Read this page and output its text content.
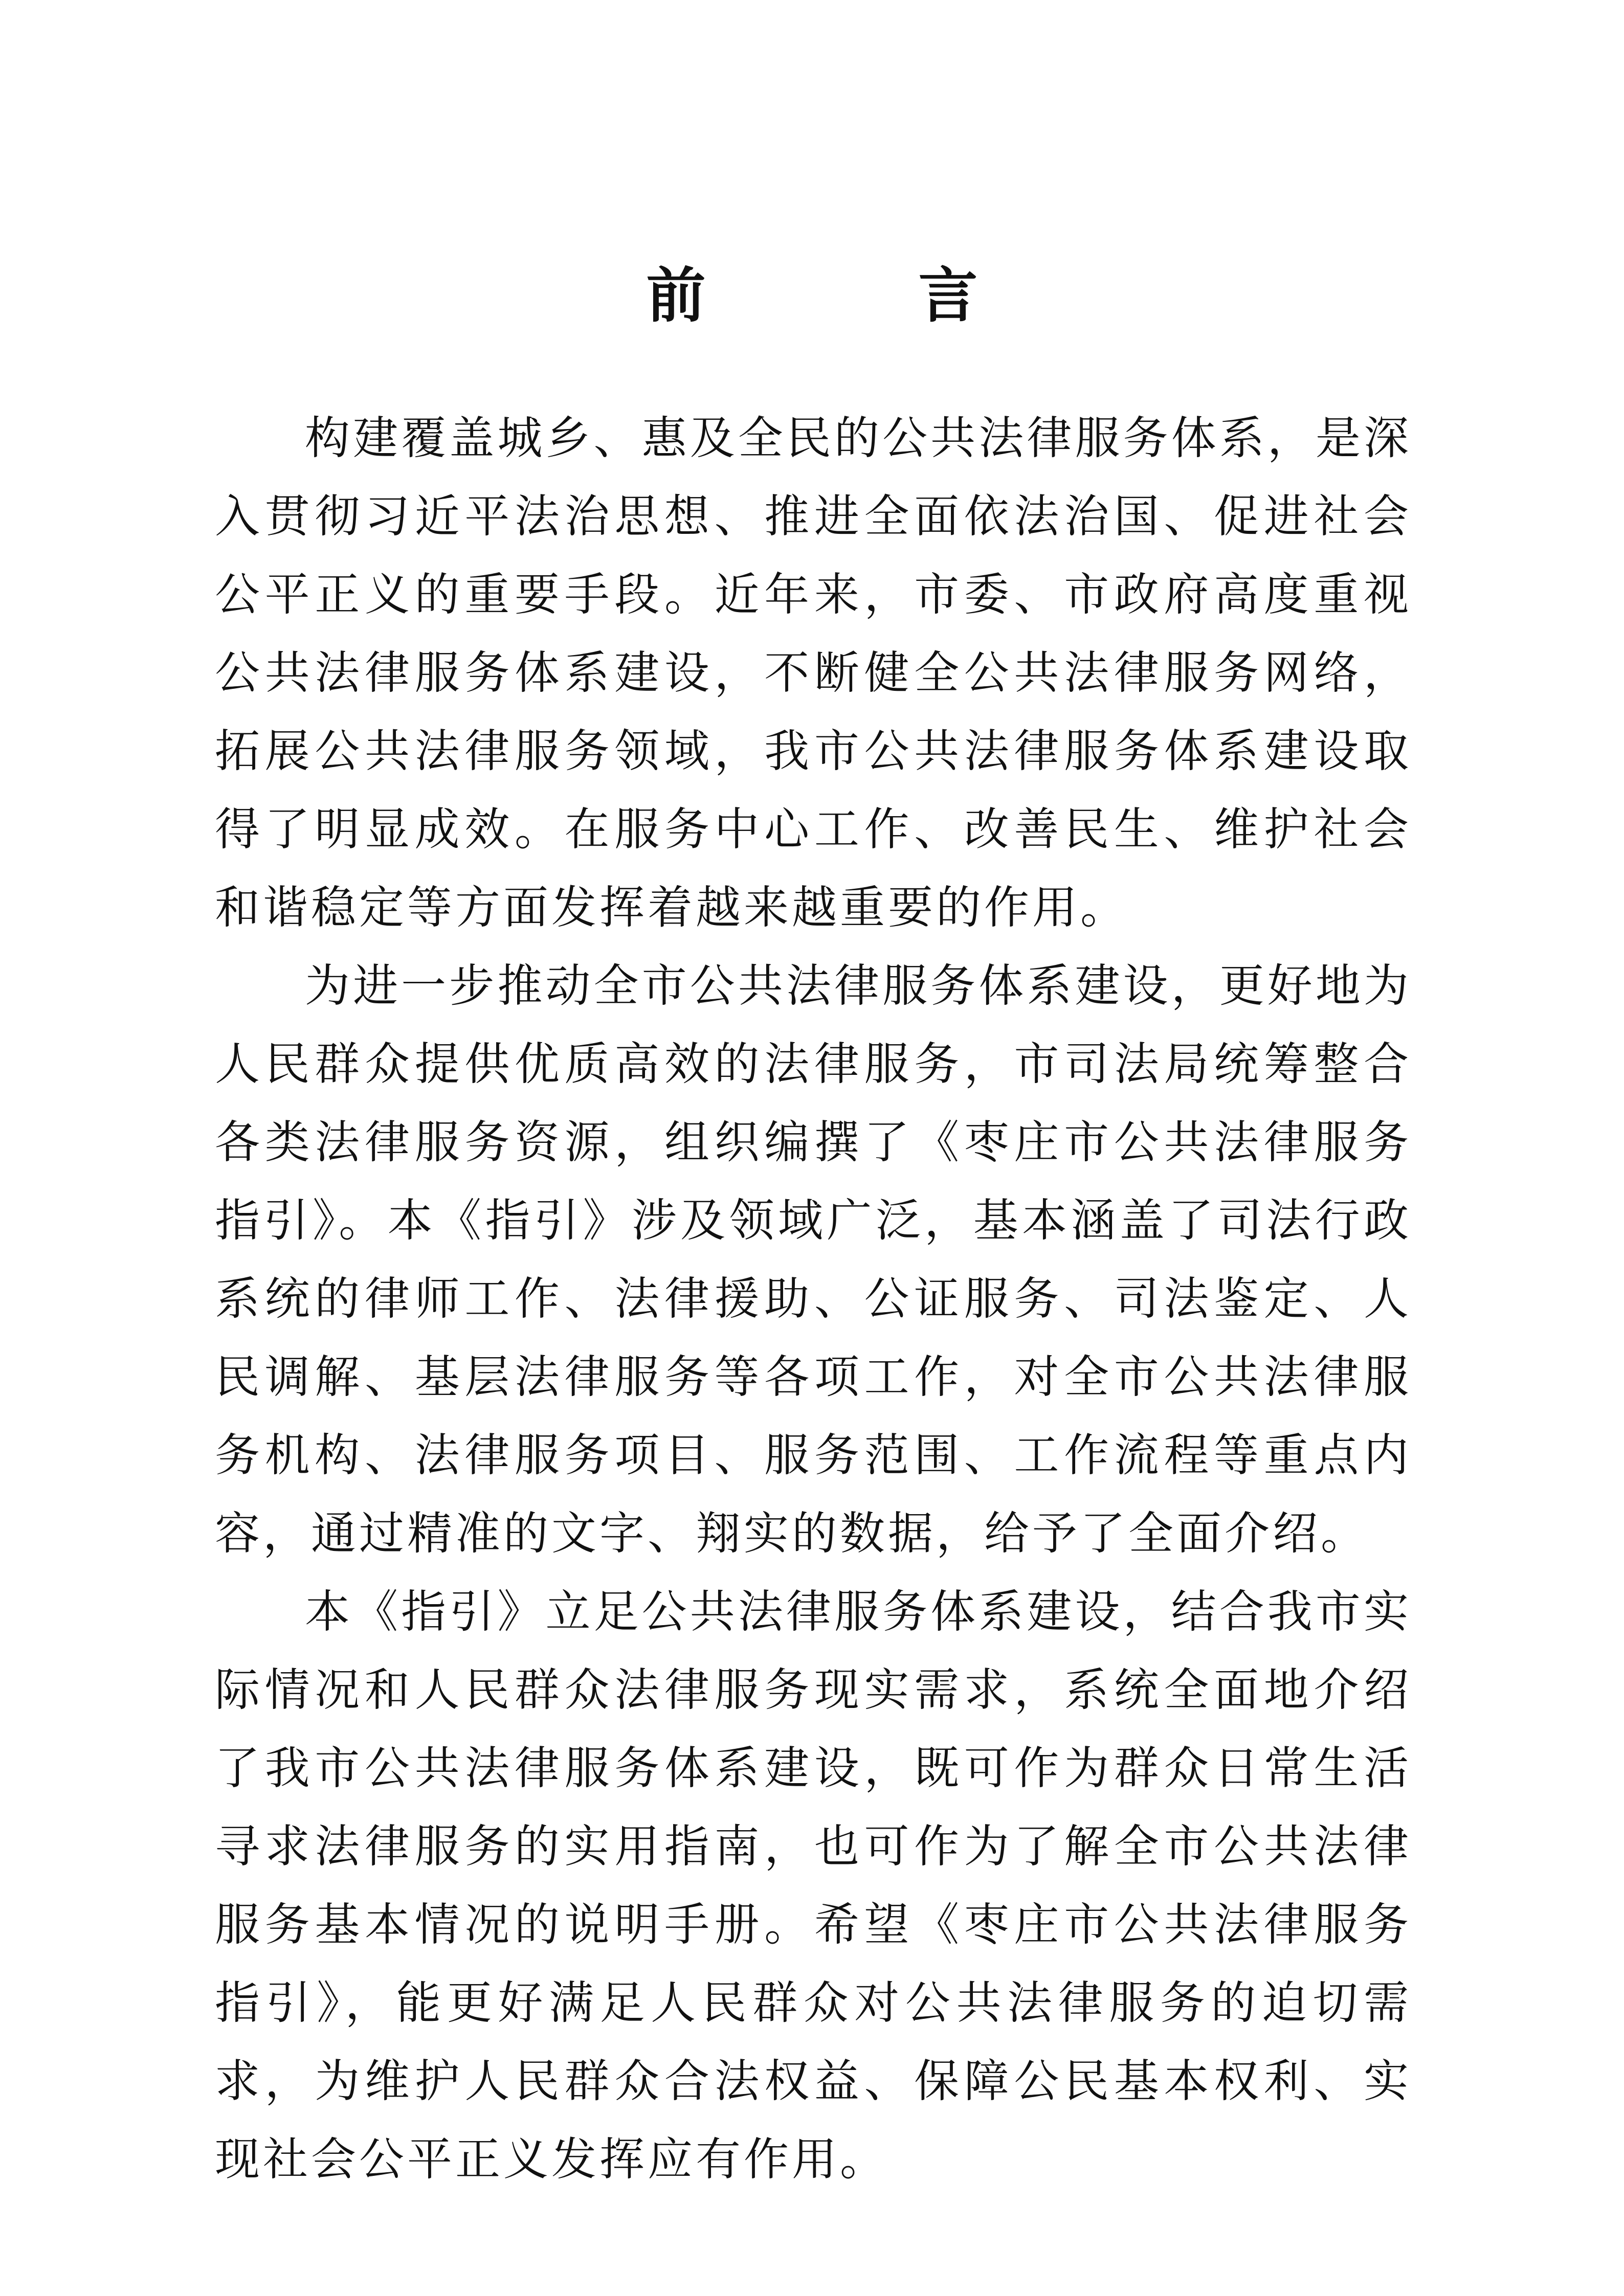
前　言

构建覆盖城乡、惠及全民的公共法律服务体系，是深入贯彻习近平法治思想、推进全面依法治国、促进社会公平正义的重要手段。近年来，市委、市政府高度重视公共法律服务体系建设，不断健全公共法律服务网络，拓展公共法律服务领域，我市公共法律服务体系建设取得了明显成效。在服务中心工作、改善民生、维护社会和谐稳定等方面发挥着越来越重要的作用。

为进一步推动全市公共法律服务体系建设，更好地为人民群众提供优质高效的法律服务，市司法局统筹整合各类法律服务资源，组织编撰了《枣庄市公共法律服务指引》。本《指引》涉及领域广泛，基本涵盖了司法行政系统的律师工作、法律援助、公证服务、司法鉴定、人民调解、基层法律服务等各项工作，对全市公共法律服务机构、法律服务项目、服务范围、工作流程等重点内容，通过精准的文字、翔实的数据，给予了全面介绍。

本《指引》立足公共法律服务体系建设，结合我市实际情况和人民群众法律服务现实需求，系统全面地介绍了我市公共法律服务体系建设，既可作为群众日常生活寻求法律服务的实用指南，也可作为了解全市公共法律服务基本情况的说明手册。希望《枣庄市公共法律服务指引》，能更好满足人民群众对公共法律服务的迫切需求，为维护人民群众合法权益、保障公民基本权利、实现社会公平正义发挥应有作用。
